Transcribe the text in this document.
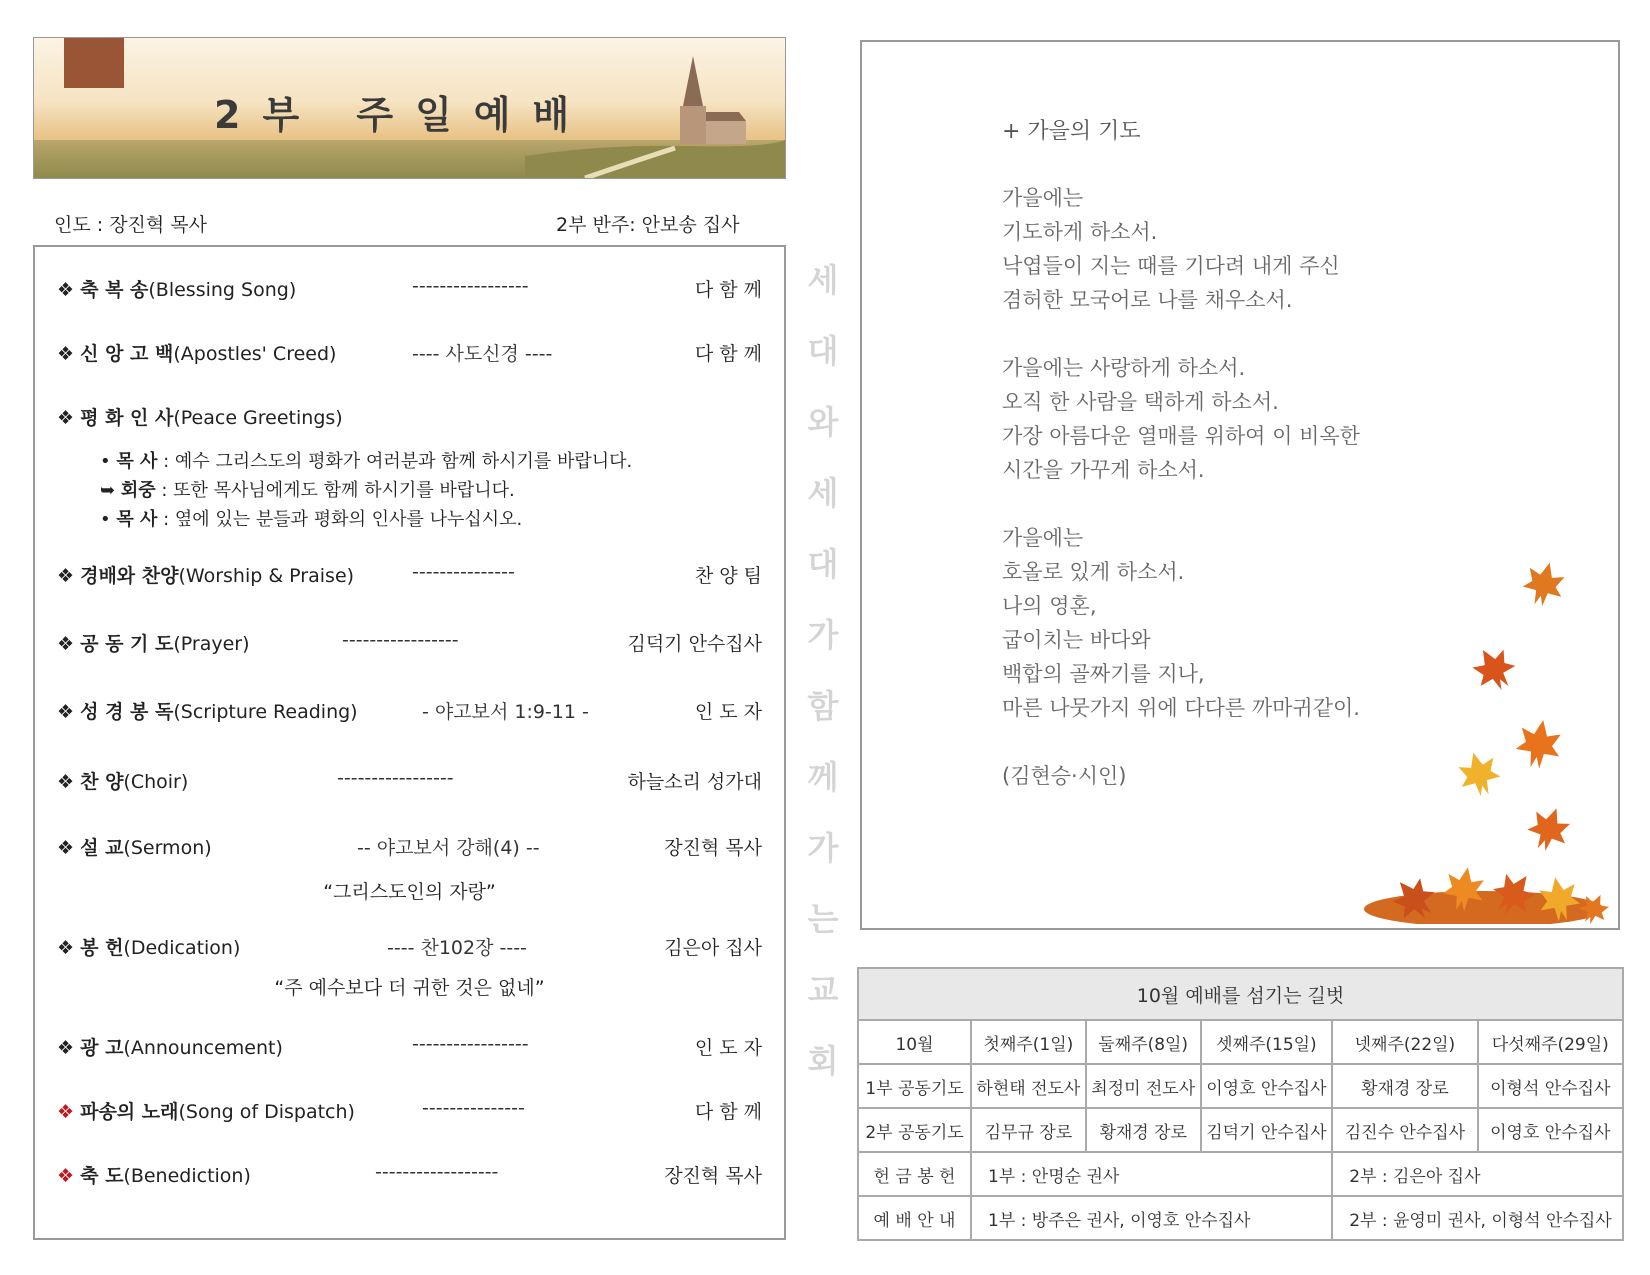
2부 주일예배
인도 : 장진혁 목사	2부 반주: 안보송 집사
❖ 축 복 송(Blessing Song)	-----------------	다 함 께
❖ 신 앙 고 백(Apostles' Creed)	---- 사도신경 ----	다 함 께
❖ 평 화 인 사(Peace Greetings)
• 목 사 : 예수 그리스도의 평화가 여러분과 함께 하시기를 바랍니다.
➥ 회중 : 또한 목사님에게도 함께 하시기를 바랍니다.
• 목 사 : 옆에 있는 분들과 평화의 인사를 나누십시오.
❖ 경배와 찬양(Worship & Praise)	---------------	찬 양 팀
❖ 공 동 기 도(Prayer)	-----------------	김덕기 안수집사
❖ 성 경 봉 독(Scripture Reading)	- 야고보서 1:9-11 -	인 도 자
❖ 찬 양(Choir)	-----------------	하늘소리 성가대
❖ 설 교(Sermon)	-- 야고보서 강해(4) --	장진혁 목사
“그리스도인의 자랑”
❖ 봉 헌(Dedication)	---- 찬102장 ----	김은아 집사
“주 예수보다 더 귀한 것은 없네”
❖ 광 고(Announcement)	-----------------	인 도 자
❖ 파송의 노래(Song of Dispatch)	---------------	다 함 께
❖ 축 도(Benediction)	------------------	장진혁 목사
세
대
와
세
대
가
함
께
가
는
교
회
+ 가을의 기도
가을에는
기도하게 하소서.
낙엽들이 지는 때를 기다려 내게 주신
겸허한 모국어로 나를 채우소서.
가을에는 사랑하게 하소서.
오직 한 사람을 택하게 하소서.
가장 아름다운 열매를 위하여 이 비옥한
시간을 가꾸게 하소서.
가을에는
호올로 있게 하소서.
나의 영혼,
굽이치는 바다와
백합의 골짜기를 지나,
마른 나뭇가지 위에 다다른 까마귀같이.
(김현승·시인)
10월 예배를 섬기는 길벗					
10월	첫째주(1일)	둘째주(8일)	셋째주(15일)	넷째주(22일)	다섯째주(29일)
1부 공동기도	하현태 전도사	최정미 전도사	이영호 안수집사	황재경 장로	이형석 안수집사
2부 공동기도	김무규 장로	황재경 장로	김덕기 안수집사	김진수 안수집사	이영호 안수집사
헌 금 봉 헌	1부 : 안명순 권사			2부 : 김은아 집사	
예 배 안 내	1부 : 방주은 권사, 이영호 안수집사			2부 : 윤영미 권사, 이형석 안수집사	
